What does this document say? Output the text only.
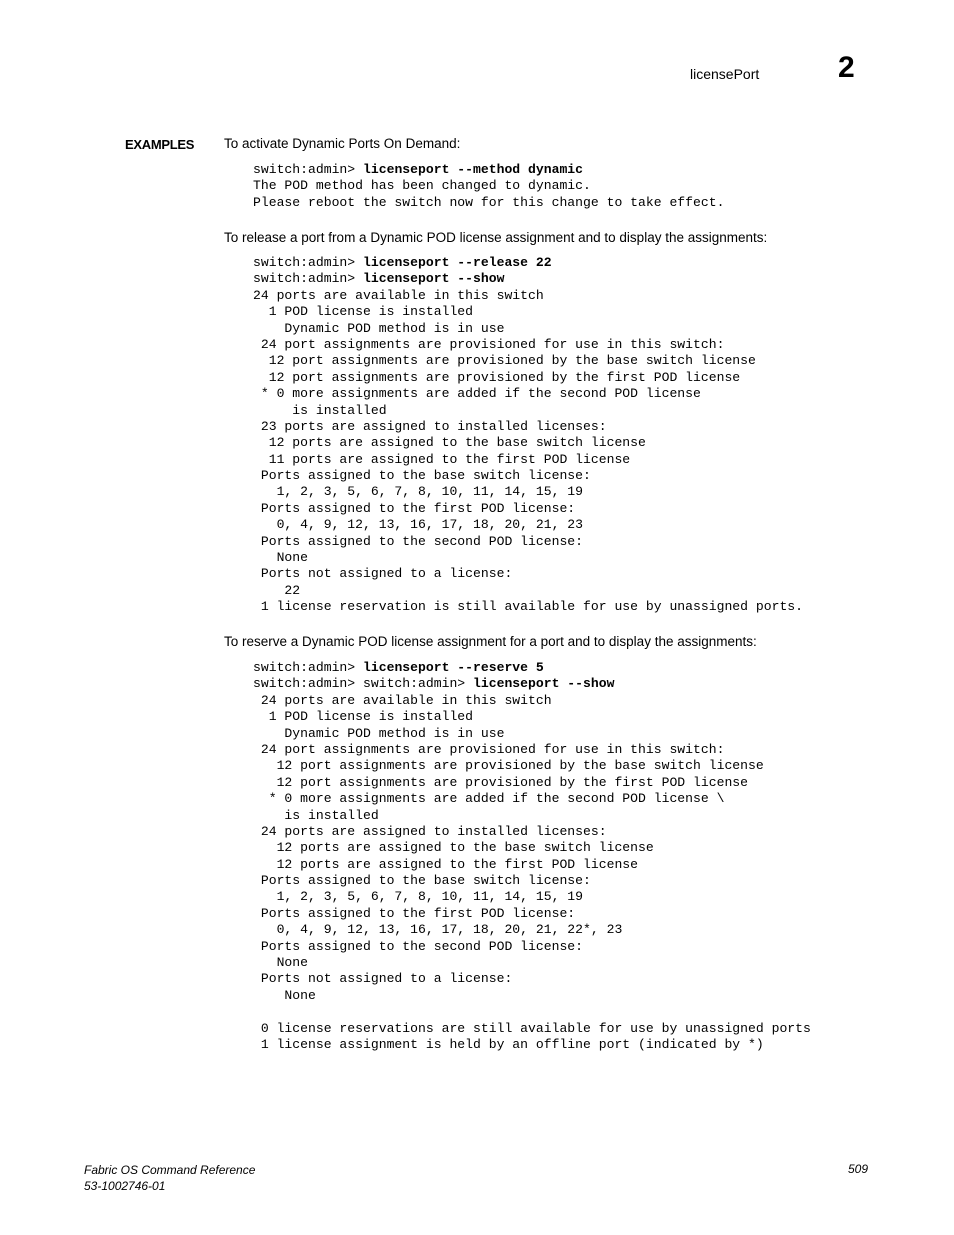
licensePort	2
EXAMPLES To activate Dynamic Ports On Demand:
switch:admin> licenseport --method dynamic
The POD method has been changed to dynamic.
Please reboot the switch now for this change to take effect.
To release a port from a Dynamic POD license assignment and to display the assignments:
switch:admin> licenseport --release 22
switch:admin> licenseport --show
24 ports are available in this switch
1 POD license is installed
Dynamic POD method is in use
24 port assignments are provisioned for use in this switch:
12 port assignments are provisioned by the base switch license
12 port assignments are provisioned by the first POD license
* 0 more assignments are added if the second POD license
is installed
23 ports are assigned to installed licenses:
12 ports are assigned to the base switch license
11 ports are assigned to the first POD license
Ports assigned to the base switch license:
1, 2, 3, 5, 6, 7, 8, 10, 11, 14, 15, 19
Ports assigned to the first POD license:
0, 4, 9, 12, 13, 16, 17, 18, 20, 21, 23
Ports assigned to the second POD license:
None
Ports not assigned to a license:
22
1 license reservation is still available for use by unassigned ports.
To reserve a Dynamic POD license assignment for a port and to display the assignments:
switch:admin> licenseport --reserve 5
switch:admin> switch:admin> licenseport --show
24 ports are available in this switch
1 POD license is installed
Dynamic POD method is in use
24 port assignments are provisioned for use in this switch:
12 port assignments are provisioned by the base switch license
12 port assignments are provisioned by the first POD license
* 0 more assignments are added if the second POD license \
is installed
24 ports are assigned to installed licenses:
12 ports are assigned to the base switch license
12 ports are assigned to the first POD license
Ports assigned to the base switch license:
1, 2, 3, 5, 6, 7, 8, 10, 11, 14, 15, 19
Ports assigned to the first POD license:
0, 4, 9, 12, 13, 16, 17, 18, 20, 21, 22*, 23
Ports assigned to the second POD license:
None
Ports not assigned to a license:
None
0 license reservations are still available for use by unassigned ports
1 license assignment is held by an offline port (indicated by *)
Fabric OS Command Reference
53-1002746-01
509
